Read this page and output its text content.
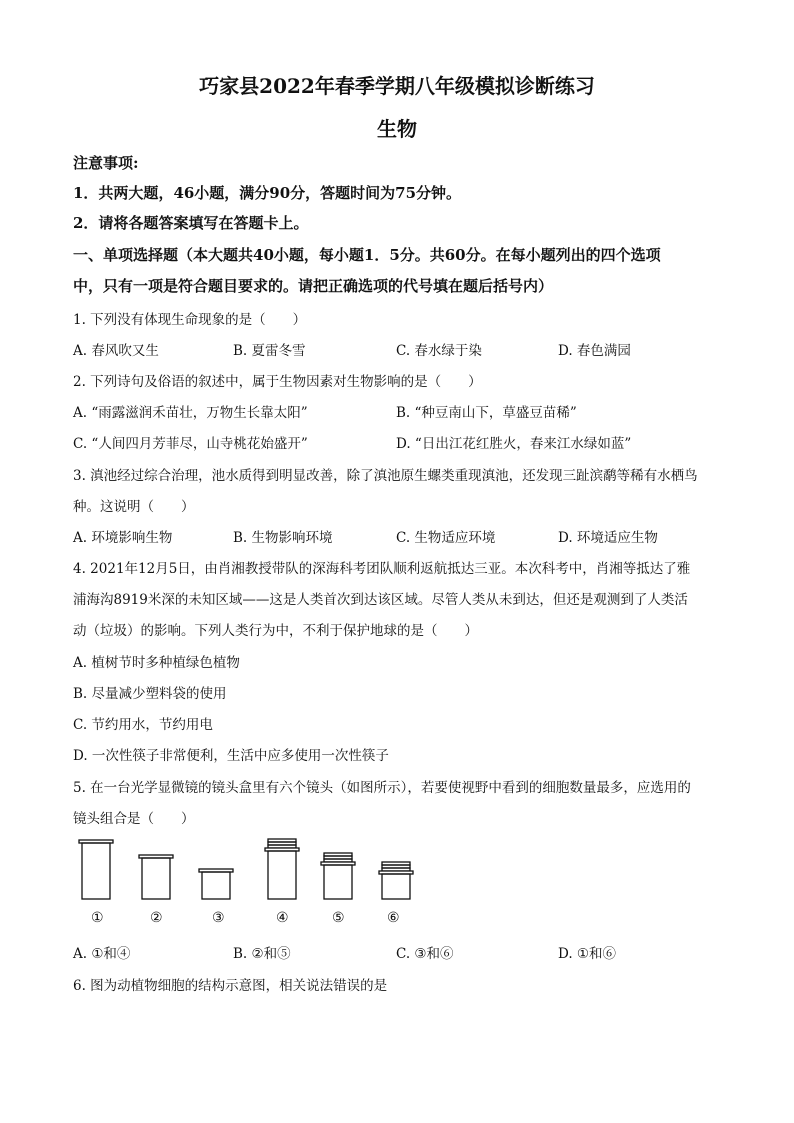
巧家县2022年春季学期八年级模拟诊断练习
生物
注意事项:
1．共两大题，46小题，满分90分，答题时间为75分钟。
2．请将各题答案填写在答题卡上。
一、单项选择题（本大题共40小题，每小题1．5分。共60分。在每小题列出的四个选项
中，只有一项是符合题目要求的。请把正确选项的代号填在题后括号内）
1. 下列没有体现生命现象的是（　　）
A. 春风吹又生	B. 夏雷冬雪	C. 春水绿于染	D. 春色满园
2. 下列诗句及俗语的叙述中，属于生物因素对生物影响的是（　　）
A. “雨露滋润禾苗壮，万物生长靠太阳”	B. “种豆南山下，草盛豆苗稀”
C. “人间四月芳菲尽，山寺桃花始盛开”	D. “日出江花红胜火，春来江水绿如蓝”
3. 滇池经过综合治理，池水质得到明显改善，除了滇池原生螺类重现滇池，还发现三趾滨鹬等稀有水栖鸟
种。这说明（　　）
A. 环境影响生物	B. 生物影响环境	C. 生物适应环境	D. 环境适应生物
4. 2021年12月5日，由肖湘教授带队的深海科考团队顺利返航抵达三亚。本次科考中，肖湘等抵达了雅
浦海沟8919米深的未知区域——这是人类首次到达该区域。尽管人类从未到达，但还是观测到了人类活
动（垃圾）的影响。下列人类行为中，不利于保护地球的是（　　）
A. 植树节时多种植绿色植物
B. 尽量减少塑料袋的使用
C. 节约用水，节约用电
D. 一次性筷子非常便利，生活中应多使用一次性筷子
5. 在一台光学显微镜的镜头盒里有六个镜头（如图所示），若要使视野中看到的细胞数量最多，应选用的
镜头组合是（　　）
①	②	③	④	⑤	⑥
A. ①和④	B. ②和⑤	C. ③和⑥	D. ①和⑥
6. 图为动植物细胞的结构示意图，相关说法错误的是
